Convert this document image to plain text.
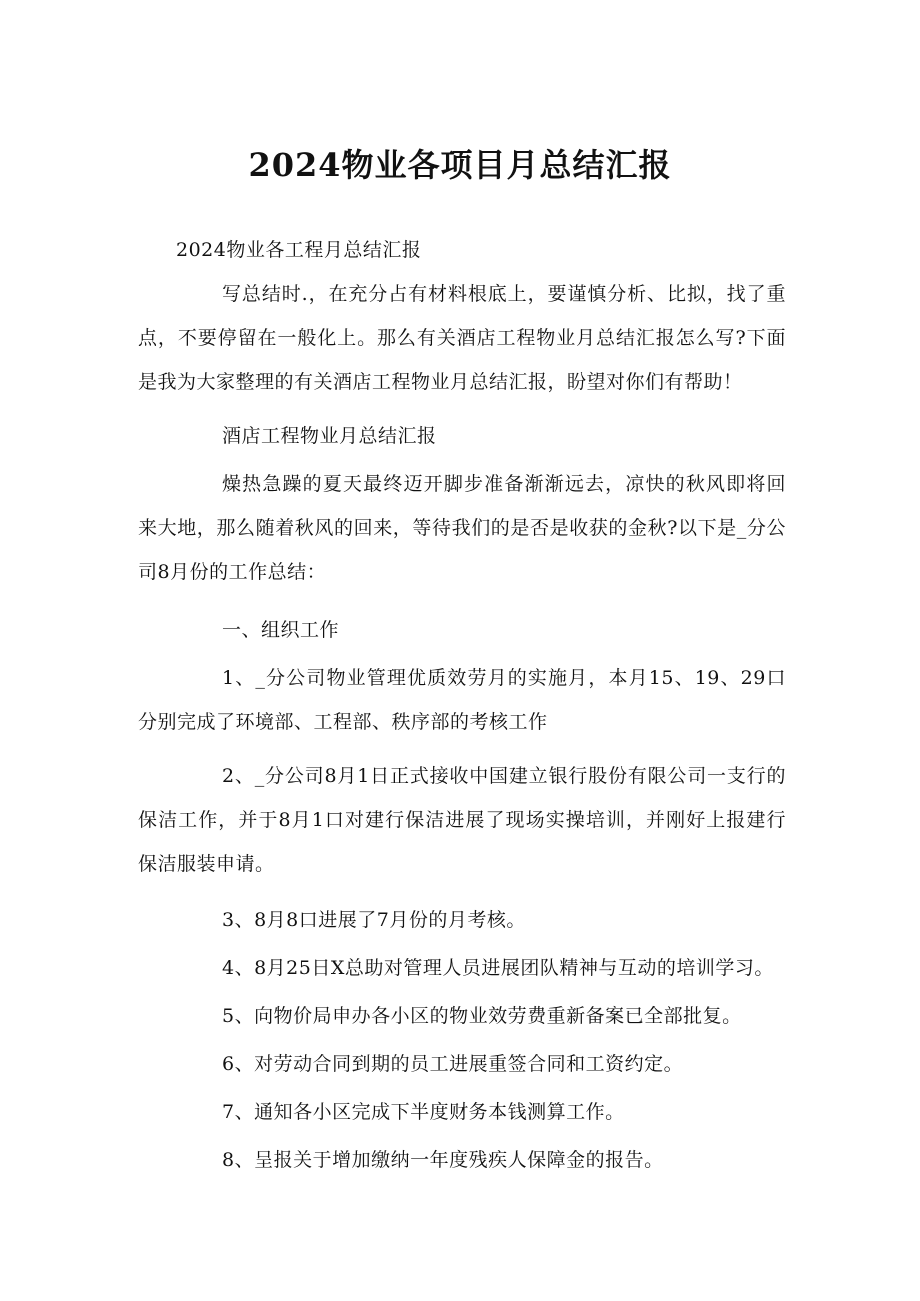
2024物业各项目月总结汇报

2024物业各工程月总结汇报

写总结时.，在充分占有材料根底上，要谨慎分析、比拟，找了重点，不要停留在一般化上。那么有关酒店工程物业月总结汇报怎么写?下面是我为大家整理的有关酒店工程物业月总结汇报，盼望对你们有帮助！

酒店工程物业月总结汇报

燥热急躁的夏天最终迈开脚步准备渐渐远去，凉快的秋风即将回来大地，那么随着秋风的回来，等待我们的是否是收获的金秋?以下是_分公司8月份的工作总结：

一、组织工作

1、_分公司物业管理优质效劳月的实施月，本月15、19、29口分别完成了环境部、工程部、秩序部的考核工作

2、_分公司8月1日正式接收中国建立银行股份有限公司一支行的保洁工作，并于8月1口对建行保洁进展了现场实操培训，并刚好上报建行保洁服装申请。

3、8月8口进展了7月份的月考核。

4、8月25日X总助对管理人员进展团队精神与互动的培训学习。

5、向物价局申办各小区的物业效劳费重新备案已全部批复。

6、对劳动合同到期的员工进展重签合同和工资约定。

7、通知各小区完成下半度财务本钱测算工作。

8、呈报关于增加缴纳一年度残疾人保障金的报告。
